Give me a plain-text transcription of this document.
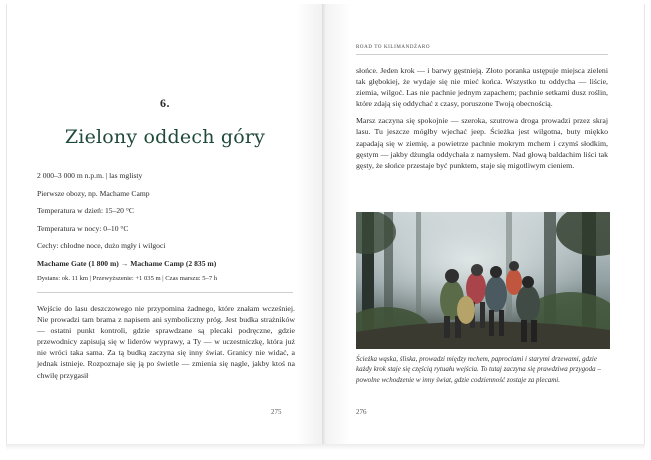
6.
Zielony oddech góry
2 000–3 000 m n.p.m. | las mglisty
Pierwsze obozy, np. Machame Camp
Temperatura w dzień: 15–20 °C
Temperatura w nocy: 0–10 °C
Cechy: chłodne noce, dużo mgły i wilgoci
Machame Gate (1 800 m) → Machame Camp (2 835 m)
Dystans: ok. 11 km | Przewyższenie: +1 035 m | Czas marszu: 5–7 h

Wejście do lasu deszczowego nie przypomina żadnego, które znałam wcześniej. Nie prowadzi tam brama z napisem ani symboliczny próg. Jest budka strażników — ostatni punkt kontroli, gdzie sprawdzane są plecaki podręczne, gdzie przewodnicy zapisują się w liderów wyprawy, a Ty — w uczestniczkę, która już nie wróci taka sama. Za tą budką zaczyna się inny świat. Granicy nie widać, a jednak istnieje. Rozpoznaje się ją po świetle — zmienia się nagle, jakby ktoś na chwilę przygasił

275
ROAD TO KILIMANDŻARO

słońce. Jeden krok — i barwy gęstnieją. Złoto poranka ustępuje miejsca zieleni tak głębokiej, że wydaje się nie mieć końca. Wszystko tu oddycha — liście, ziemia, wilgoć. Las nie pachnie jednym zapachem; pachnie setkami dusz roślin, które zdają się oddychać z czasy, poruszone Twoją obecnością.

Marsz zaczyna się spokojnie — szeroka, szutrowa droga prowadzi przez skraj lasu. Tu jeszcze mógłby wjechać jeep. Ścieżka jest wilgotna, buty miękko zapadają się w ziemię, a powietrze pachnie mokrym mchem i czymś słodkim, gęstym — jakby dżungla oddychała z namysłem. Nad głową baldachim liści tak gęsty, że słońce przestaje być punktem, staje się migotliwym cieniem.

Ścieżka wąska, śliska, prowadzi między mchem, paprociami i starymi drzewami, gdzie każdy krok staje się częścią rytuału wejścia. To tutaj zaczyna się prawdziwa przygoda – powolne wchodzenie w inny świat, gdzie codzienność zostaje za plecami.
276
